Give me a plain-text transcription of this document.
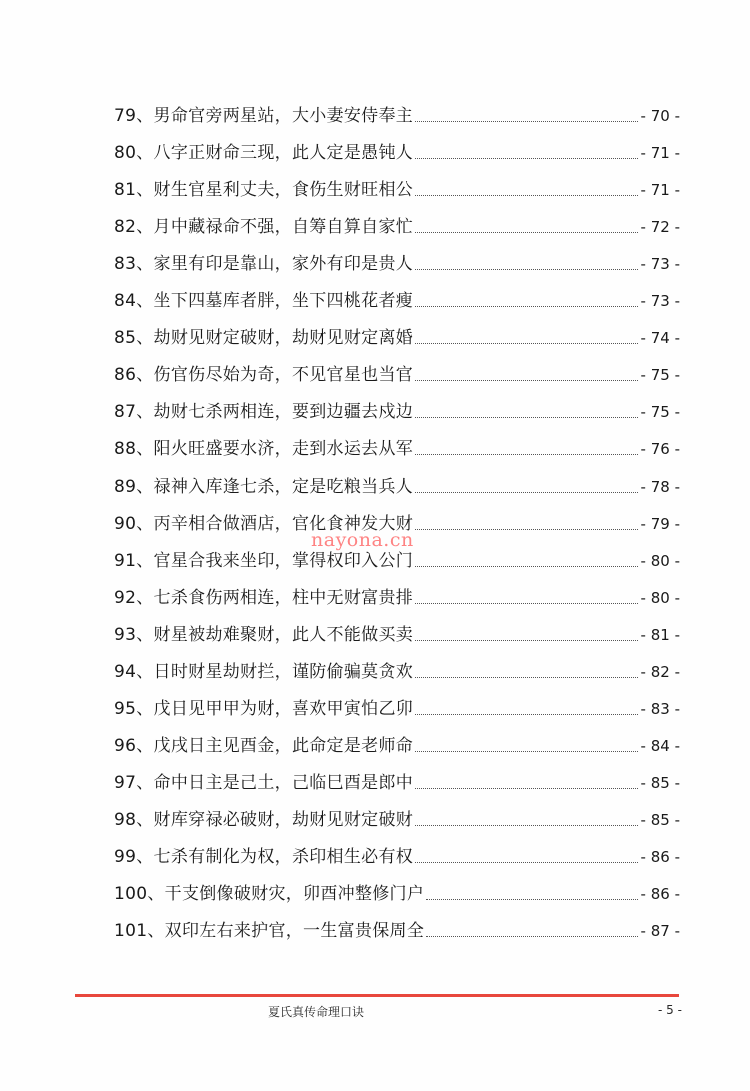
79、 男命官旁两星站，大小妻安侍奉主	- 70 -
80、 八字正财命三现，此人定是愚钝人	- 71 -
81、 财生官星利丈夫，食伤生财旺相公	- 71 -
82、 月中藏禄命不强，自筹自算自家忙	- 72 -
83、 家里有印是靠山，家外有印是贵人	- 73 -
84、 坐下四墓库者胖，坐下四桃花者瘦	- 73 -
85、 劫财见财定破财，劫财见财定离婚	- 74 -
86、 伤官伤尽始为奇，不见官星也当官	- 75 -
87、 劫财七杀两相连，要到边疆去戍边	- 75 -
88、 阳火旺盛要水济，走到水运去从军	- 76 -
89、 禄神入库逢七杀，定是吃粮当兵人	- 78 -
90、 丙辛相合做酒店，官化食神发大财	- 79 -
91、 官星合我来坐印，掌得权印入公门	- 80 -
92、 七杀食伤两相连，柱中无财富贵排	- 80 -
93、 财星被劫难聚财，此人不能做买卖	- 81 -
94、 日时财星劫财拦，谨防偷骗莫贪欢	- 82 -
95、 戊日见甲甲为财，喜欢甲寅怕乙卯	- 83 -
96、 戊戌日主见酉金，此命定是老师命	- 84 -
97、 命中日主是己土，己临巳酉是郎中	- 85 -
98、 财库穿禄必破财，劫财见财定破财	- 85 -
99、 七杀有制化为权，杀印相生必有权	- 86 -
100、 干支倒像破财灾，卯酉冲整修门户	- 86 -
101、 双印左右来护官，一生富贵保周全	- 87 -
nayona.cn
夏氏真传命理口诀	- 5 -
